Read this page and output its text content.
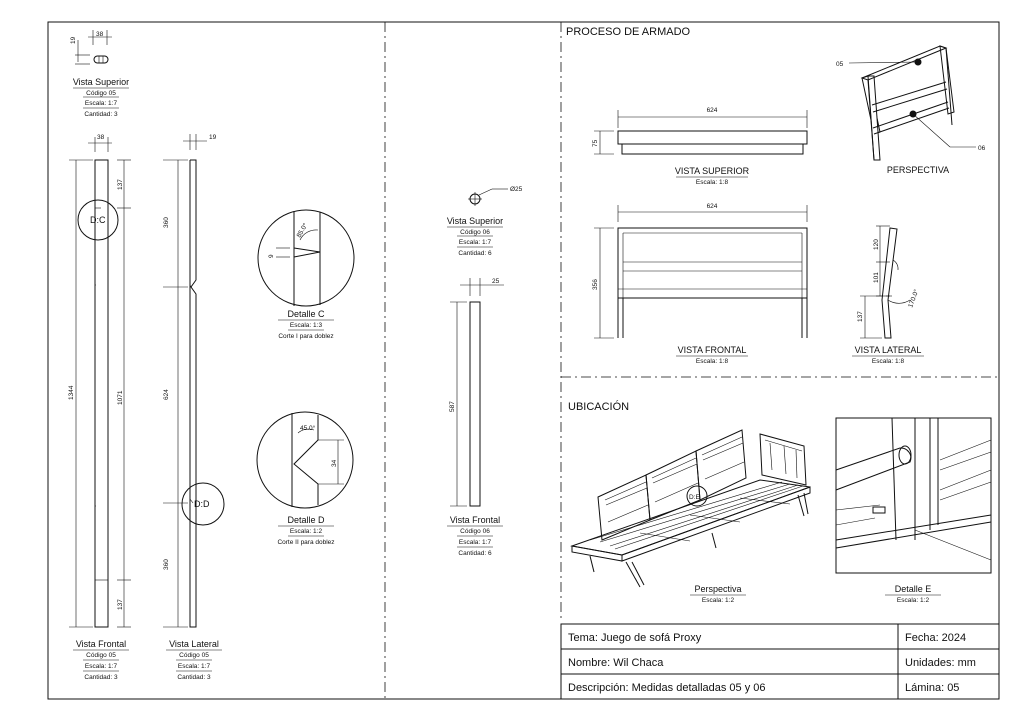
PROCESO DE ARMADO
UBICACIÓN
38
19
Vista Superior
Código 05
Escala: 1:7
Cantidad: 3
38
1344
137
1071
137
D:C
Vista Frontal
Código 05
Escala: 1:7
Cantidad: 3
19
360
624
360
D:D
Vista Lateral
Código 05
Escala: 1:7
Cantidad: 3
9
85.0°
Detalle C
Escala: 1:3
Corte I para doblez
34
45.0°
Detalle D
Escala: 1:2
Corte II para doblez
Ø25
Vista Superior
Código 06
Escala: 1:7
Cantidad: 6
25
587
Vista Frontal
Código 06
Escala: 1:7
Cantidad: 6
624
75
VISTA SUPERIOR
Escala: 1:8
624
356
VISTA FRONTAL
Escala: 1:8
120
101
137
170.0°
VISTA LATERAL
Escala: 1:8
05
06
PERSPECTIVA
D:E
Perspectiva
Escala: 1:2
Detalle E
Escala: 1:2
Tema: Juego de sofá Proxy	Fecha: 2024
Nombre: Wil Chaca	Unidades: mm
Descripción: Medidas detalladas 05 y 06	Lámina: 05
